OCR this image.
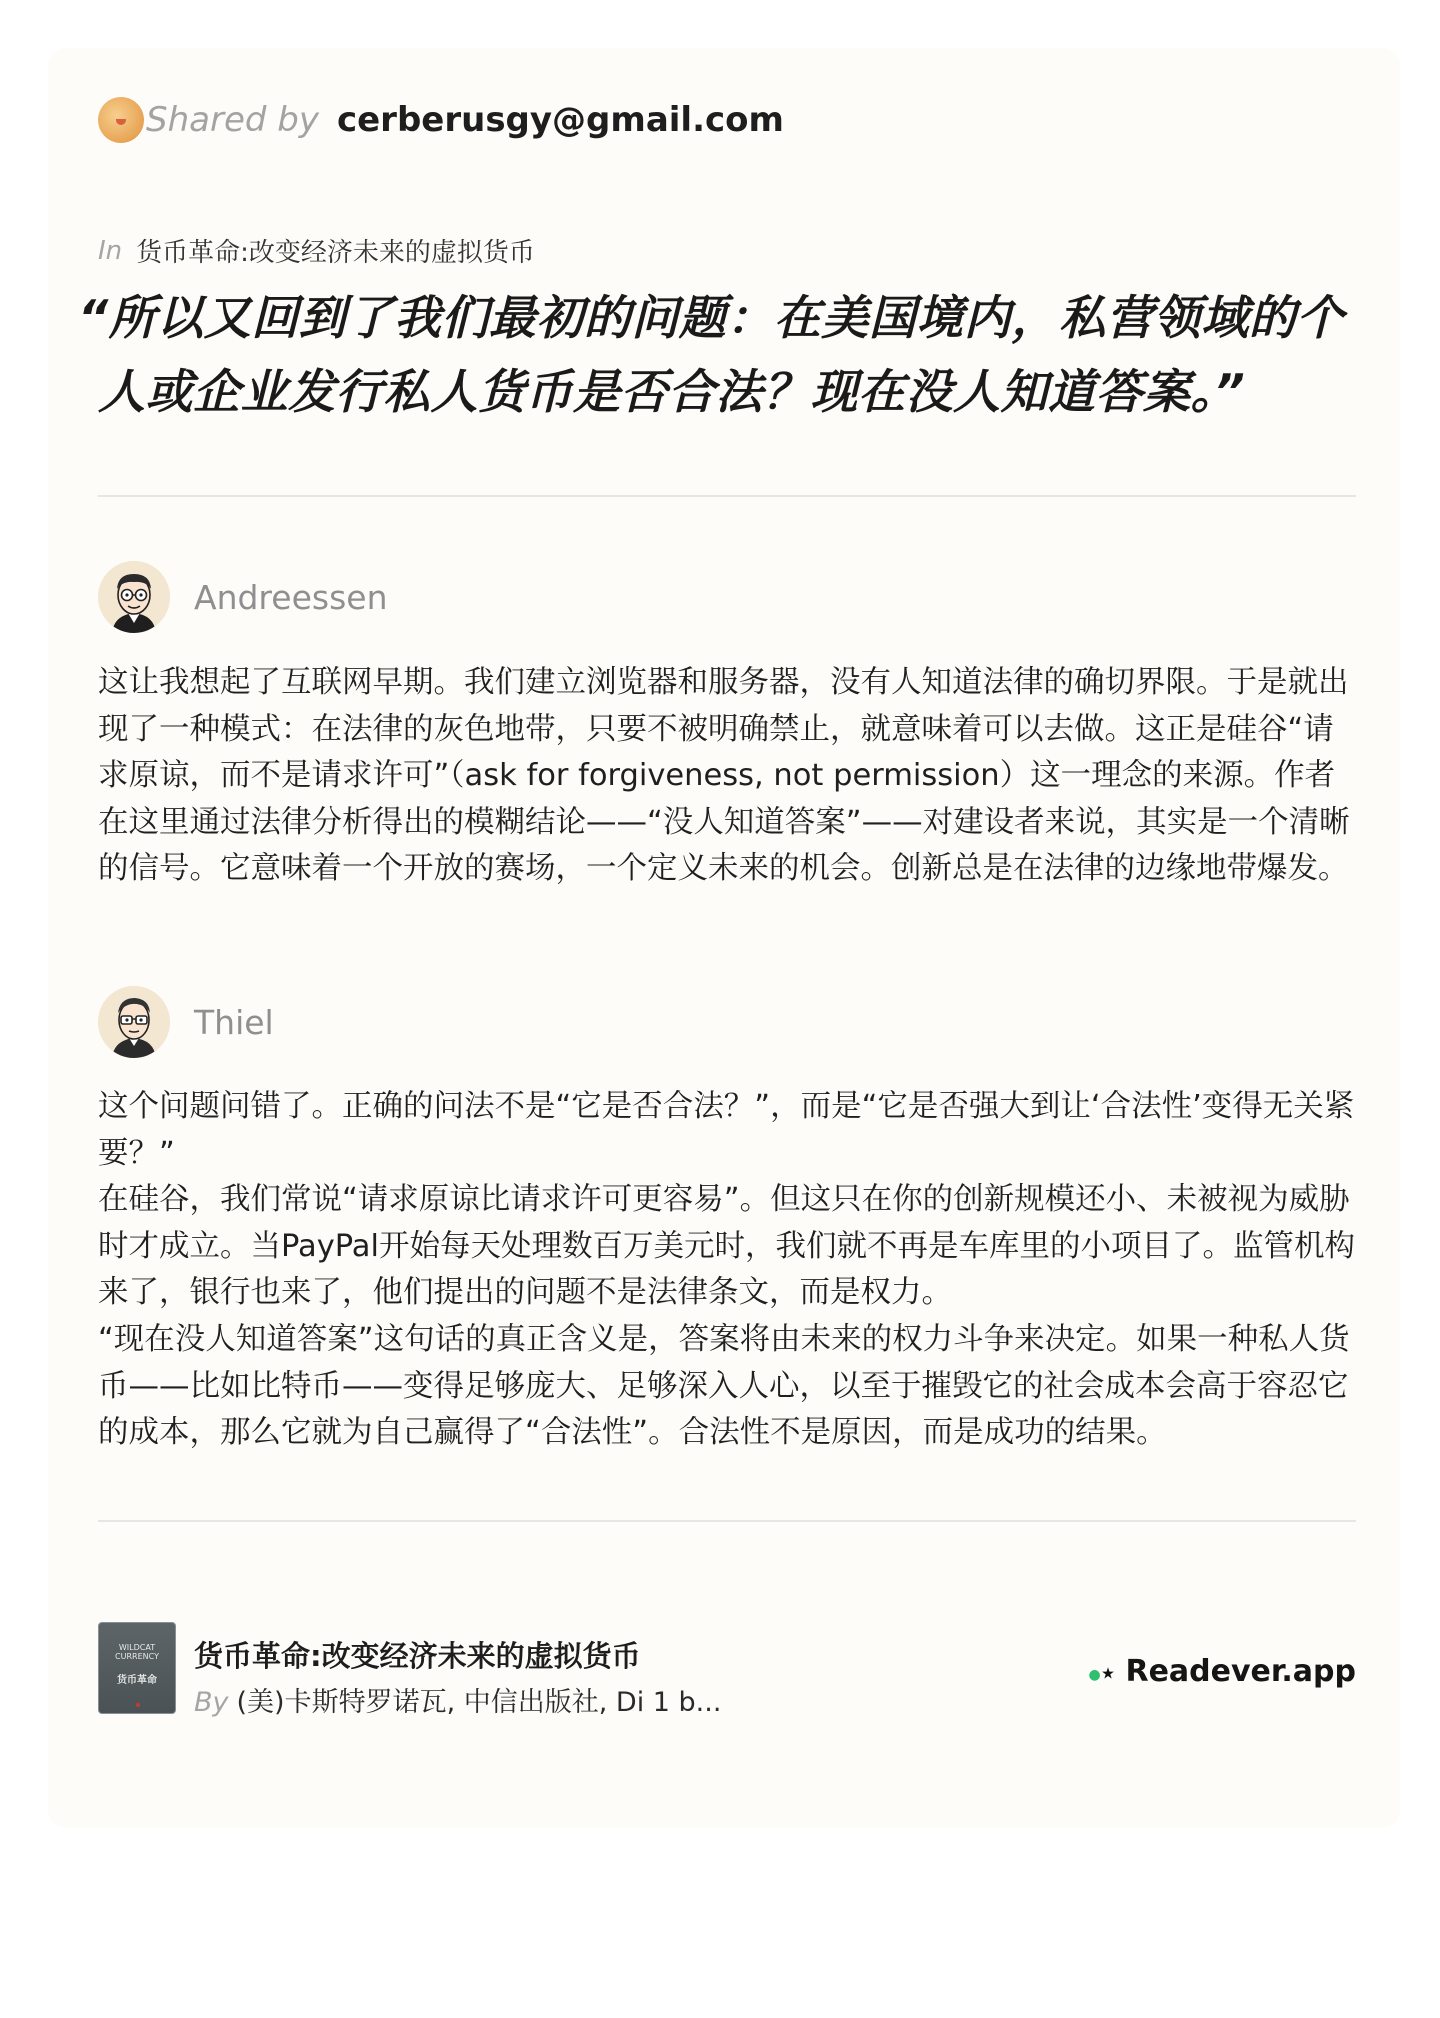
Shared by cerberusgy@gmail.com
In 货币革命:改变经济未来的虚拟货币
“所以又回到了我们最初的问题：在美国境内，私营领域的个
人或企业发行私人货币是否合法？现在没人知道答案。”
Andreessen

这让我想起了互联网早期。我们建立浏览器和服务器，没有人知道法律的确切界限。于是就出现了一种模式：在法律的灰色地带，只要不被明确禁止，就意味着可以去做。这正是硅谷“请求原谅，而不是请求许可”（ask for forgiveness, not permission）这一理念的来源。作者在这里通过法律分析得出的模糊结论——“没人知道答案”——对建设者来说，其实是一个清晰的信号。它意味着一个开放的赛场，一个定义未来的机会。创新总是在法律的边缘地带爆发。

Thiel

这个问题问错了。正确的问法不是“它是否合法？”，而是“它是否强大到让‘合法性’变得无关紧要？”

在硅谷，我们常说“请求原谅比请求许可更容易”。但这只在你的创新规模还小、未被视为威胁时才成立。当PayPal开始每天处理数百万美元时，我们就不再是车库里的小项目了。监管机构来了，银行也来了，他们提出的问题不是法律条文，而是权力。

“现在没人知道答案”这句话的真正含义是，答案将由未来的权力斗争来决定。如果一种私人货币——比如比特币——变得足够庞大、足够深入人心，以至于摧毁它的社会成本会高于容忍它的成本，那么它就为自己赢得了“合法性”。合法性不是原因，而是成功的结果。

WILDCAT CURRENCY
货币革命
货币革命:改变经济未来的虚拟货币
By (美)卡斯特罗诺瓦, 中信出版社, Di 1 b...
● ⭑ Readever.app
